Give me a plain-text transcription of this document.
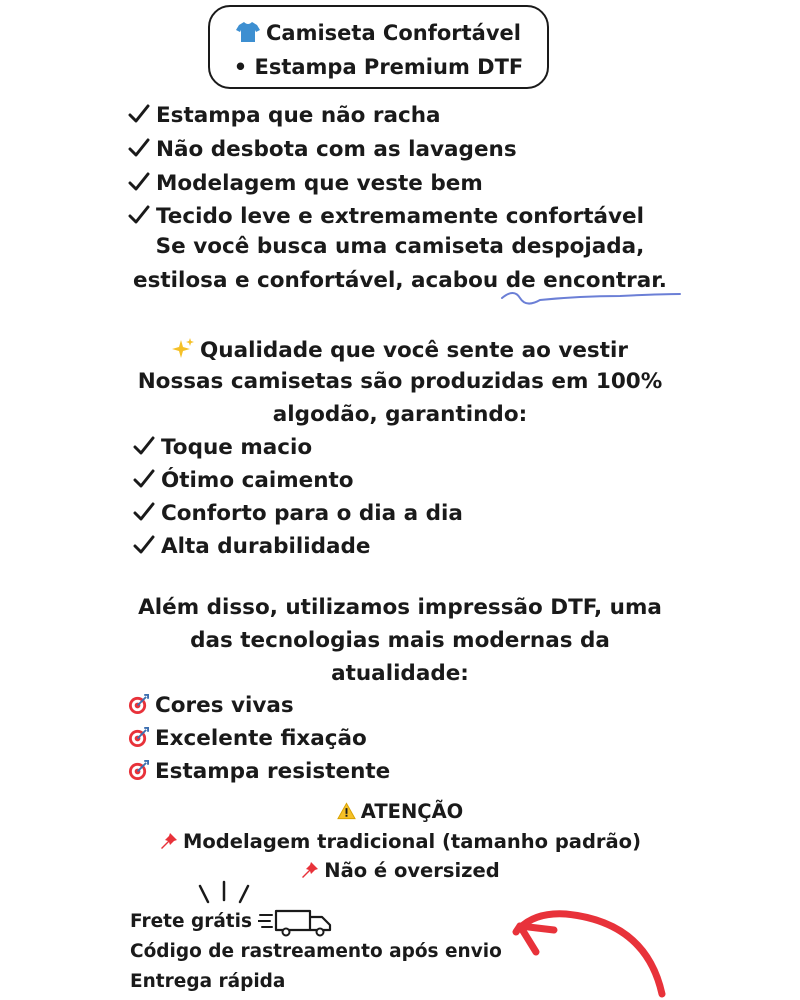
Camiseta Confortável
• Estampa Premium DTF
Estampa que não racha
Não desbota com as lavagens
Modelagem que veste bem
Tecido leve e extremamente confortável
Se você busca uma camiseta despojada,
estilosa e confortável, acabou de encontrar.
Qualidade que você sente ao vestir
Nossas camisetas são produzidas em 100%
algodão, garantindo:
Toque macio
Ótimo caimento
Conforto para o dia a dia
Alta durabilidade
Além disso, utilizamos impressão DTF, uma
das tecnologias mais modernas da
atualidade:
Cores vivas
Excelente fixação
Estampa resistente
ATENÇÃO
Modelagem tradicional (tamanho padrão)
Não é oversized
Frete grátis
Código de rastreamento após envio
Entrega rápida
